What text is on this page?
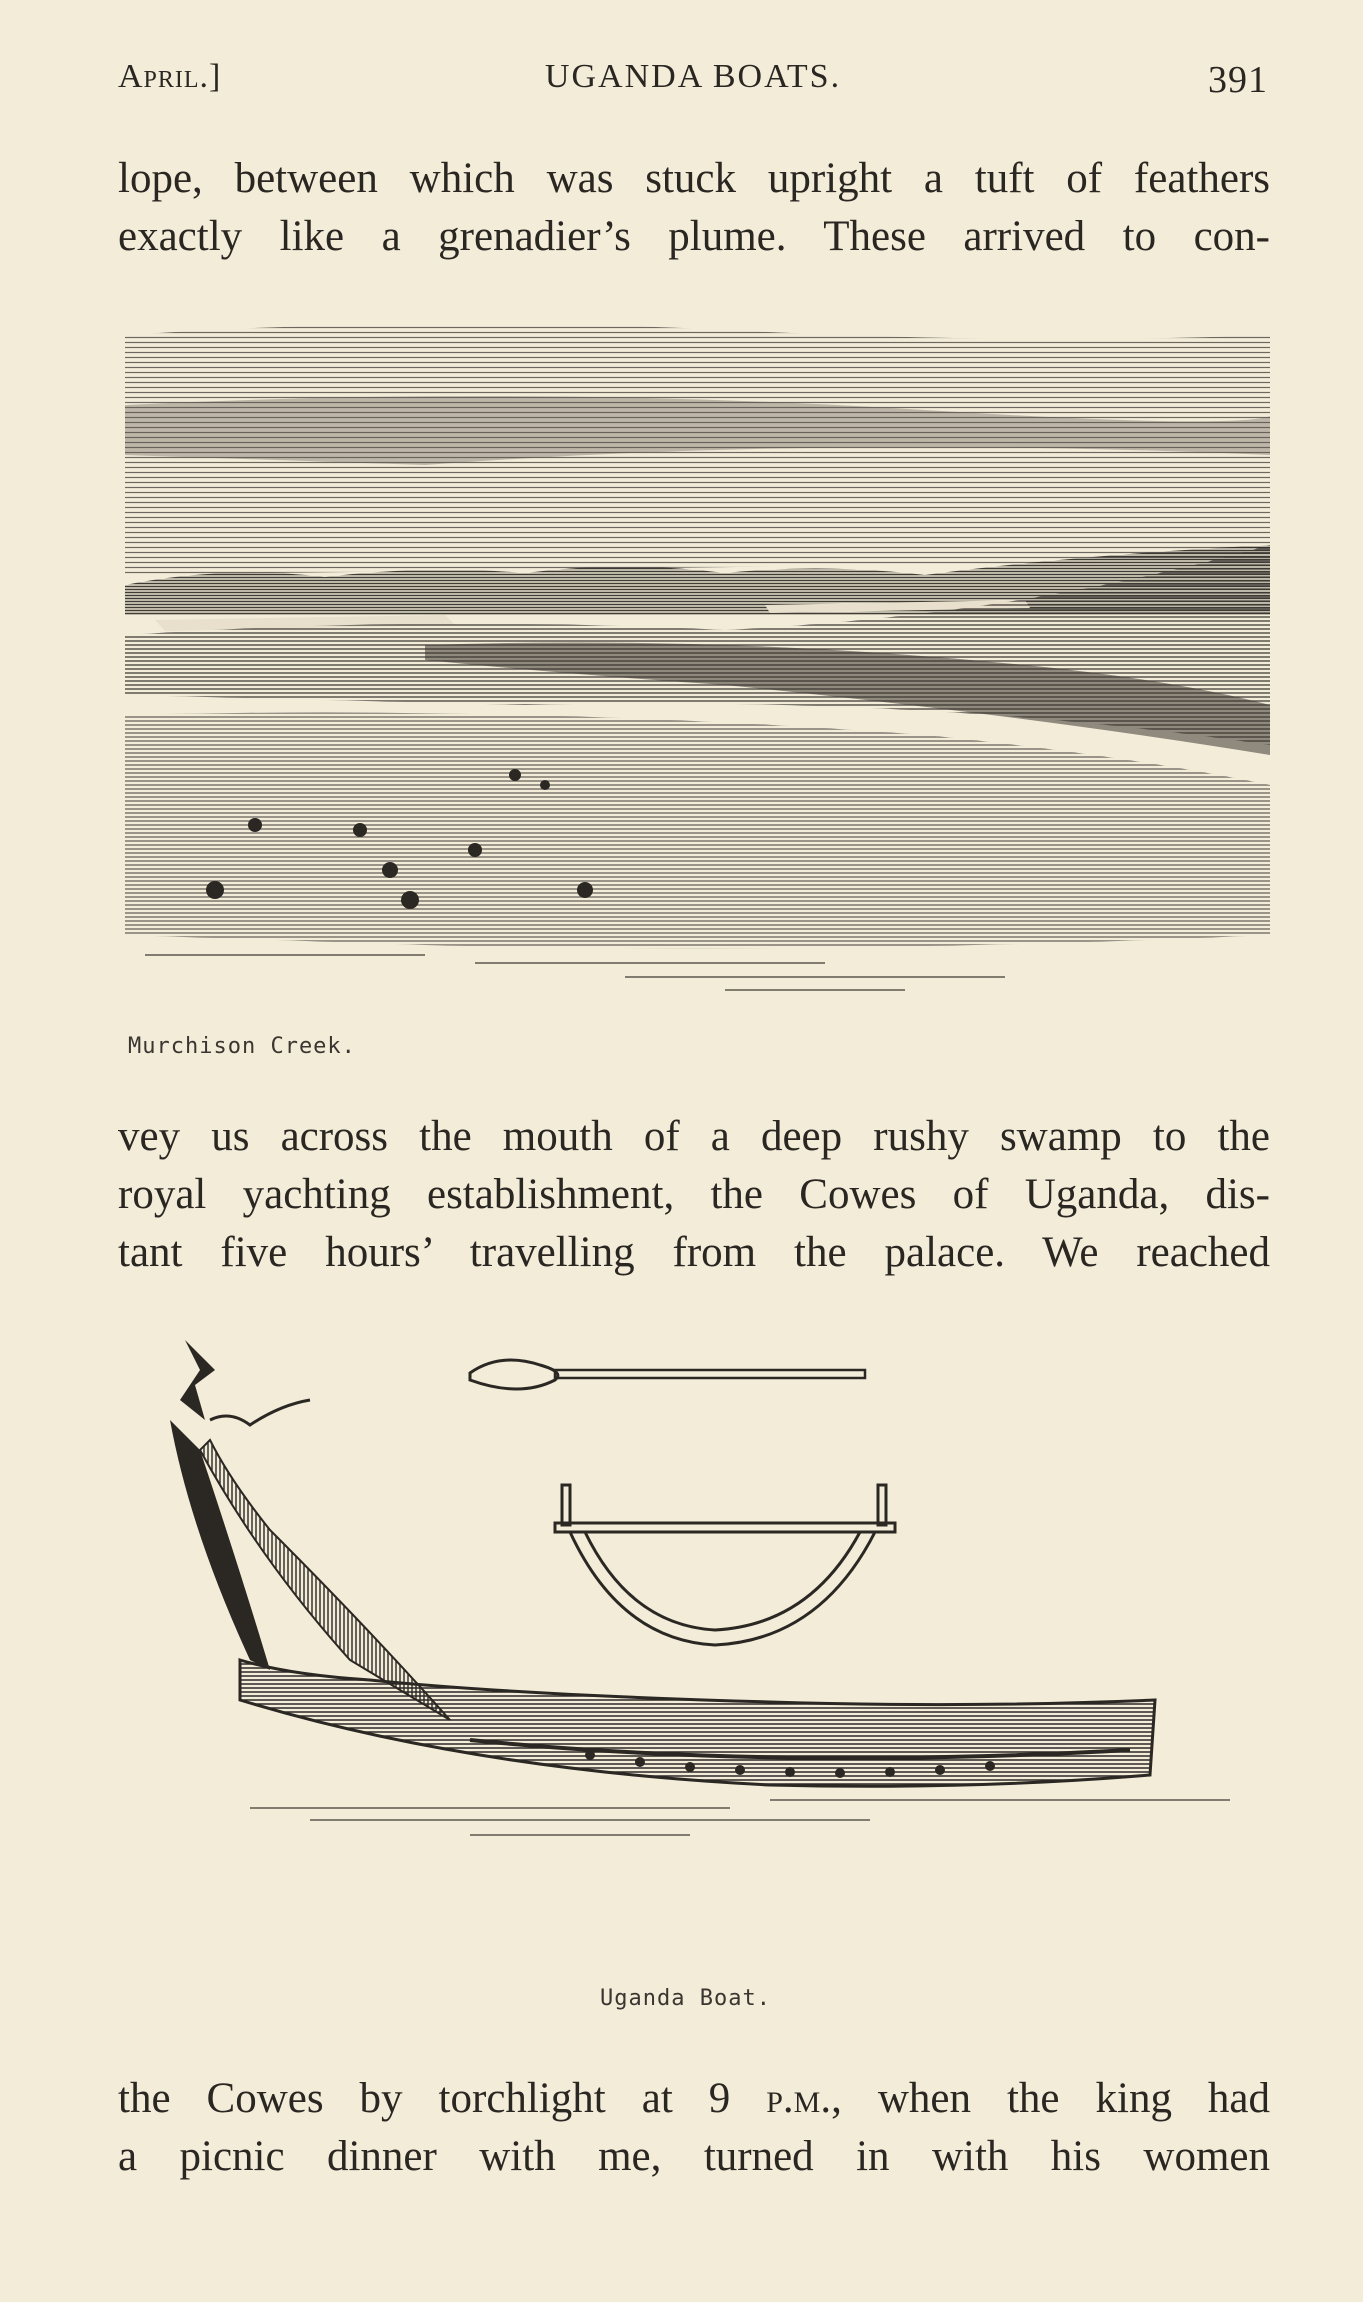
April.]	UGANDA BOATS.	391
lope, between which was stuck upright a tuft of feathers
exactly like a grenadier’s plume. These arrived to con-
Murchison Creek.
vey us across the mouth of a deep rushy swamp to the
royal yachting establishment, the Cowes of Uganda, dis-
tant five hours’ travelling from the palace. We reached
Uganda Boat.
the Cowes by torchlight at 9 p.m., when the king had
a picnic dinner with me, turned in with his women
